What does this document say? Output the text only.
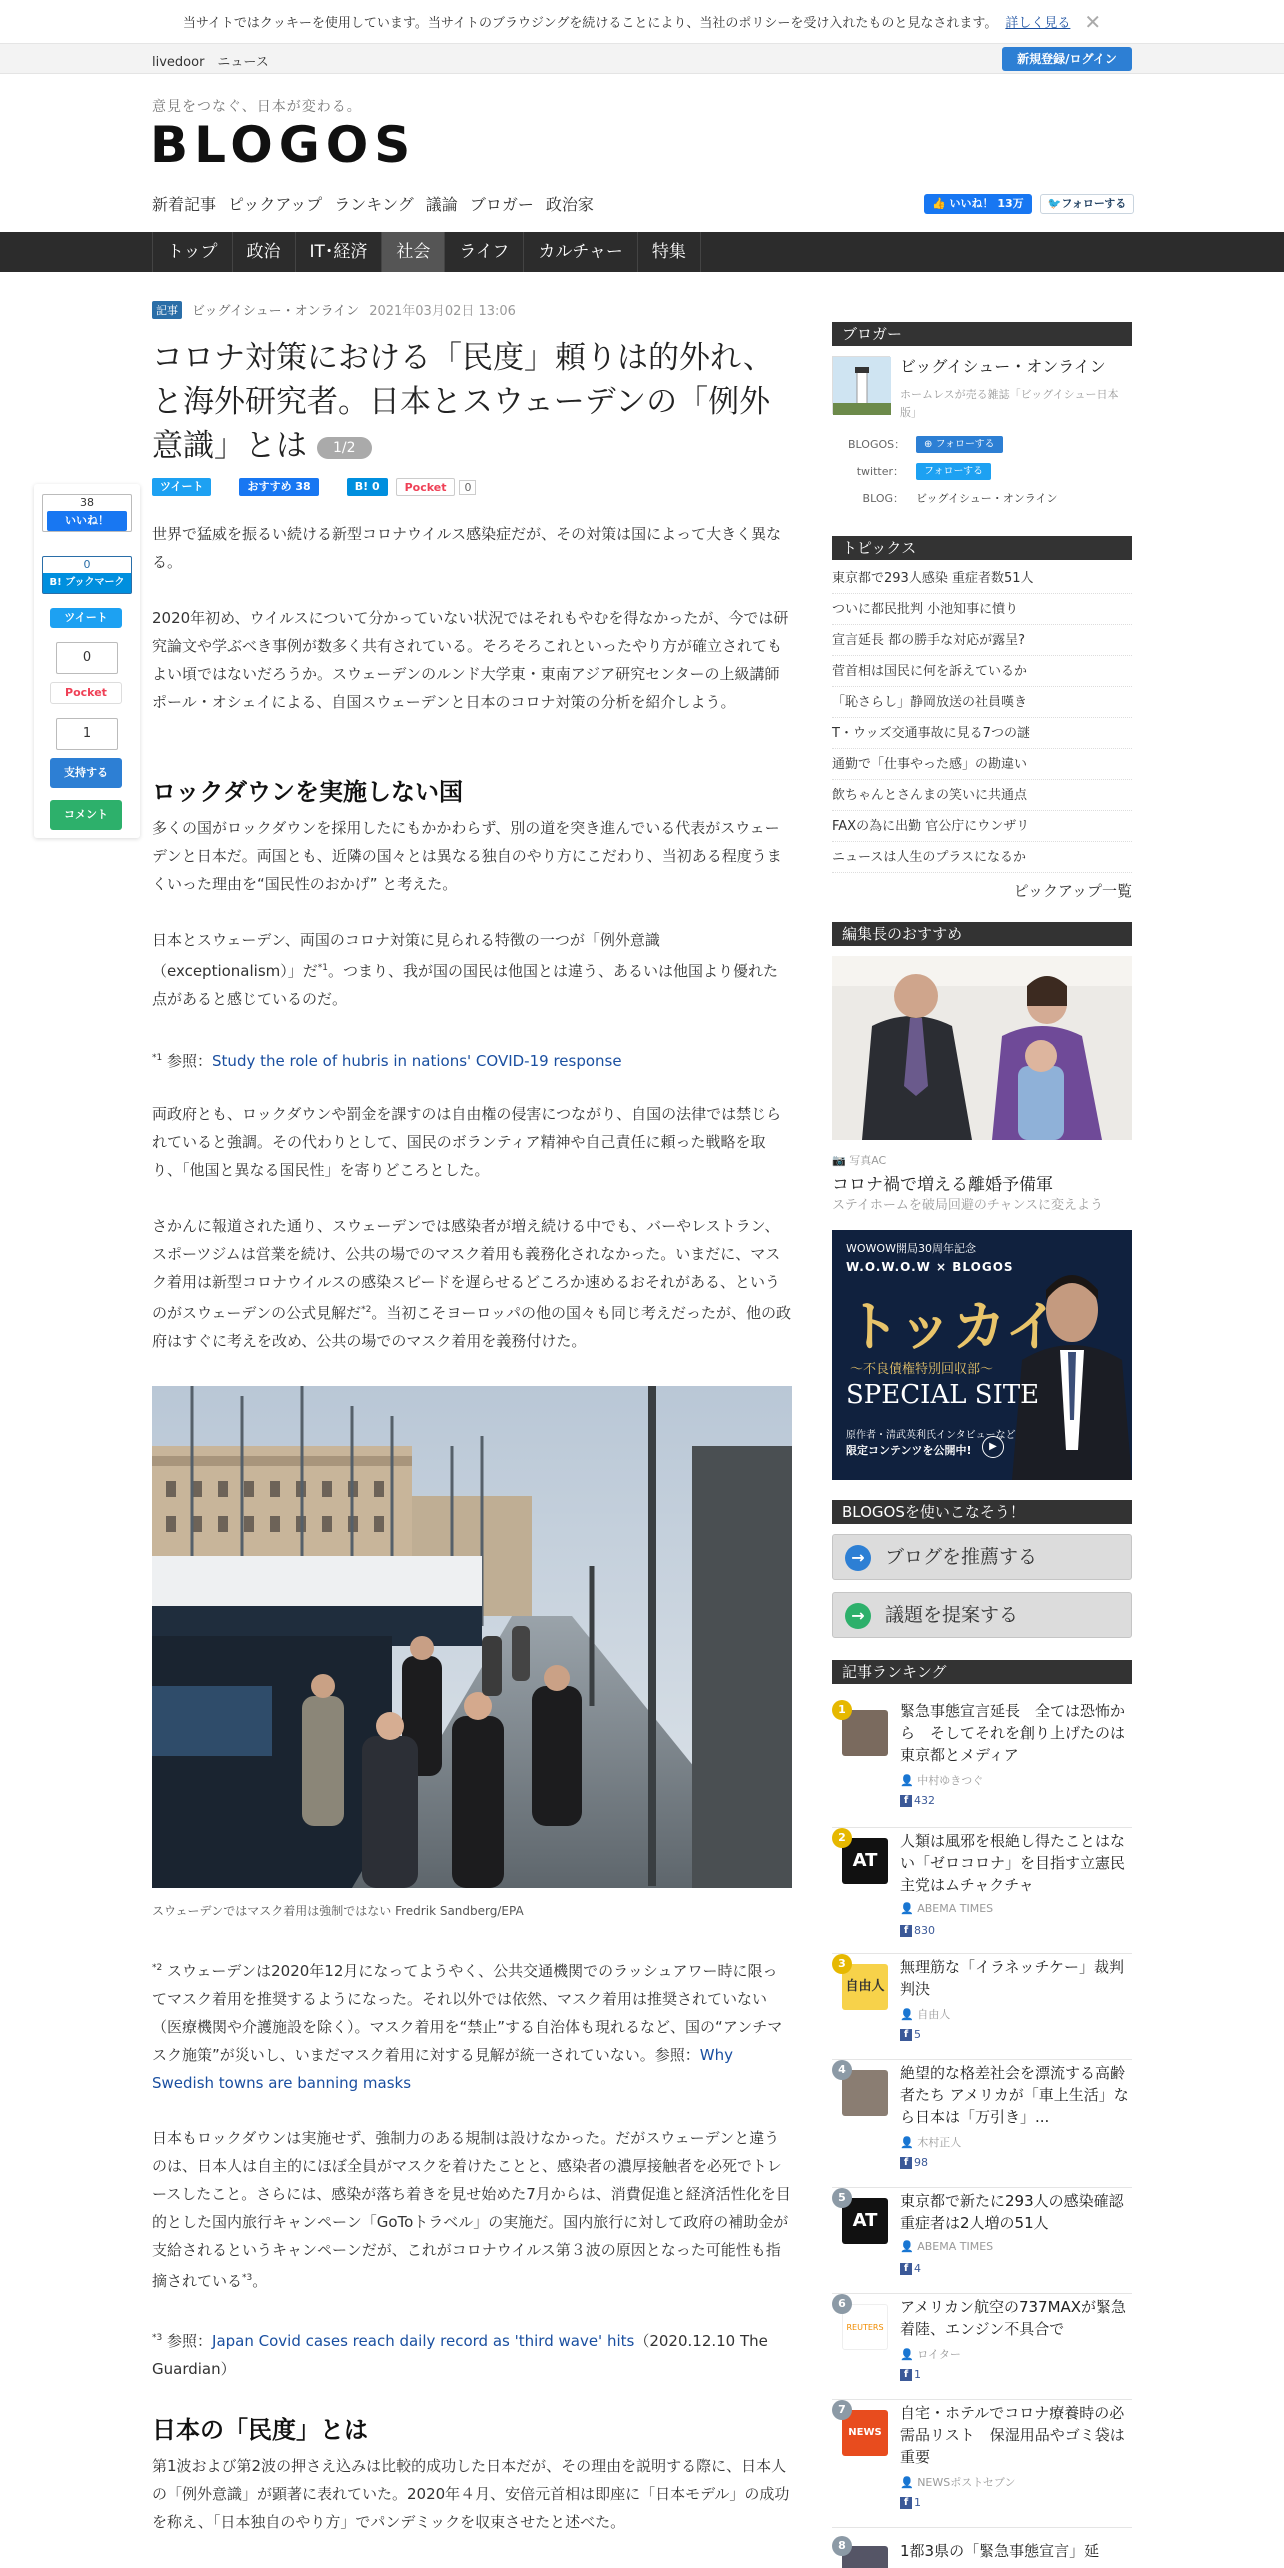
当サイトではクッキーを使用しています。当サイトのブラウジングを続けることにより、当社のポリシーを受け入れたものと見なされます。 詳しく見る ✕
livedoor　ニュース	新規登録/ログイン
意見をつなぐ、日本が変わる。
BLOGOS
新着記事 ピックアップ ランキング 議論 ブロガー 政治家	👍 いいね！ 13万	🐦フォローする
トップ	政治	IT･経済	社会	ライフ	カルチャー	特集
38
いいね！
0
B! ブックマーク
ツイート
0
Pocket
1
支持する
コメント
記事	ビッグイシュー・オンライン 2021年03月02日 13:06
コロナ対策における「民度」頼りは的外れ、と海外研究者。日本とスウェーデンの「例外意識」とは 1/2
ツイート	おすすめ 38	B! 0	Pocket	0

世界で猛威を振るい続ける新型コロナウイルス感染症だが、その対策は国によって大きく異なる。

2020年初め、ウイルスについて分かっていない状況ではそれもやむを得なかったが、今では研究論文や学ぶべき事例が数多く共有されている。そろそろこれといったやり方が確立されてもよい頃ではないだろうか。スウェーデンのルンド大学東・東南アジア研究センターの上級講師ポール・オシェイによる、自国スウェーデンと日本のコロナ対策の分析を紹介しよう。

ロックダウンを実施しない国

多くの国がロックダウンを採用したにもかかわらず、別の道を突き進んでいる代表がスウェーデンと日本だ。両国とも、近隣の国々とは異なる独自のやり方にこだわり、当初ある程度うまくいった理由を“国民性のおかげ” と考えた。

日本とスウェーデン、両国のコロナ対策に見られる特徴の一つが「例外意識（exceptionalism）」だ$^{*1}$。つまり、我が国の国民は他国とは違う、あるいは他国より優れた点があると感じているのだ。

$^{*1}$ 参照：Study the role of hubris in nations' COVID-19 response

両政府とも、ロックダウンや罰金を課すのは自由権の侵害につながり、自国の法律では禁じられていると強調。その代わりとして、国民のボランティア精神や自己責任に頼った戦略を取り、「他国と異なる国民性」を寄りどころとした。

さかんに報道された通り、スウェーデンでは感染者が増え続ける中でも、バーやレストラン、スポーツジムは営業を続け、公共の場でのマスク着用も義務化されなかった。いまだに、マスク着用は新型コロナウイルスの感染スピードを遅らせるどころか速めるおそれがある、というのがスウェーデンの公式見解だ$^{*2}$。当初こそヨーロッパの他の国々も同じ考えだったが、他の政府はすぐに考えを改め、公共の場でのマスク着用を義務付けた。

スウェーデンではマスク着用は強制ではない Fredrik Sandberg/EPA

$^{*2}$ スウェーデンは2020年12月になってようやく、公共交通機関でのラッシュアワー時に限ってマスク着用を推奨するようになった。それ以外では依然、マスク着用は推奨されていない（医療機関や介護施設を除く）。マスク着用を“禁止”する自治体も現れるなど、国の“アンチマスク施策”が災いし、いまだマスク着用に対する見解が統一されていない。参照：Why Swedish towns are banning masks

日本もロックダウンは実施せず、強制力のある規制は設けなかった。だがスウェーデンと違うのは、日本人は自主的にほぼ全員がマスクを着けたことと、感染者の濃厚接触者を必死でトレースしたこと。さらには、感染が落ち着きを見せ始めた7月からは、消費促進と経済活性化を目的とした国内旅行キャンペーン「GoToトラベル」の実施だ。国内旅行に対して政府の補助金が支給されるというキャンペーンだが、これがコロナウイルス第３波の原因となった可能性も指摘されている$^{*3}$。

$^{*3}$ 参照：Japan Covid cases reach daily record as 'third wave' hits（2020.12.10 The Guardian）

日本の「民度」とは

第1波および第2波の押さえ込みは比較的成功した日本だが、その理由を説明する際に、日本人の「例外意識」が顕著に表れていた。2020年４月、安倍元首相は即座に「日本モデル」の成功を称え、「日本独自のやり方」でパンデミックを収束させたと述べた。

ブロガー
ビッグイシュー・オンライン
ホームレスが売る雑誌「ビッグイシュー日本版」
BLOGOS：	⊕ フォローする
twitter：	フォローする
BLOG： ビッグイシュー・オンライン
トピックス
東京都で293人感染 重症者数51人
ついに都民批判 小池知事に憤り
宣言延長 都の勝手な対応が露呈?
菅首相は国民に何を訴えているか
「恥さらし」静岡放送の社員嘆き
T・ウッズ交通事故に見る7つの謎
通勤で「仕事やった感」の勘違い
飲ちゃんとさんまの笑いに共通点
FAXの為に出勤 官公庁にウンザリ
ニュースは人生のプラスになるか
ピックアップ一覧
編集長のおすすめ
📷 写真AC
コロナ禍で増える離婚予備軍
ステイホームを破局回避のチャンスに変えよう
WOWOW開局30周年記念
W.O.W.O.W × BLOGOS
トッカイ
〜不良債権特別回収部〜
SPECIAL SITE
原作者・清武英利氏インタビューなど
限定コンテンツを公開中!	▶
BLOGOSを使いこなそう！
→	ブログを推薦する
→	議題を提案する
記事ランキング
1	緊急事態宣言延長　全ては恐怖から　そしてそれを創り上げたのは東京都とメディア
👤 中村ゆきつぐ
f 432
AT
2	人類は風邪を根絶し得たことはない「ゼロコロナ」を目指す立憲民主党はムチャクチャ
👤 ABEMA TIMES
f 830
自由人
3	無理筋な「イラネッチケー」裁判判決
👤 自由人
f 5
4	絶望的な格差社会を漂流する高齢者たち アメリカが「車上生活」なら日本は「万引き」...
👤 木村正人
f 98
AT
5	東京都で新たに293人の感染確認 重症者は2人増の51人
👤 ABEMA TIMES
f 4
REUTERS
6	アメリカン航空の737MAXが緊急着陸、エンジン不具合で
👤 ロイター
f 1
NEWS
7	自宅・ホテルでコロナ療養時の必需品リスト　保湿用品やゴミ袋は重要
👤 NEWSポストセブン
f 1
8	1都3県の「緊急事態宣言」延
